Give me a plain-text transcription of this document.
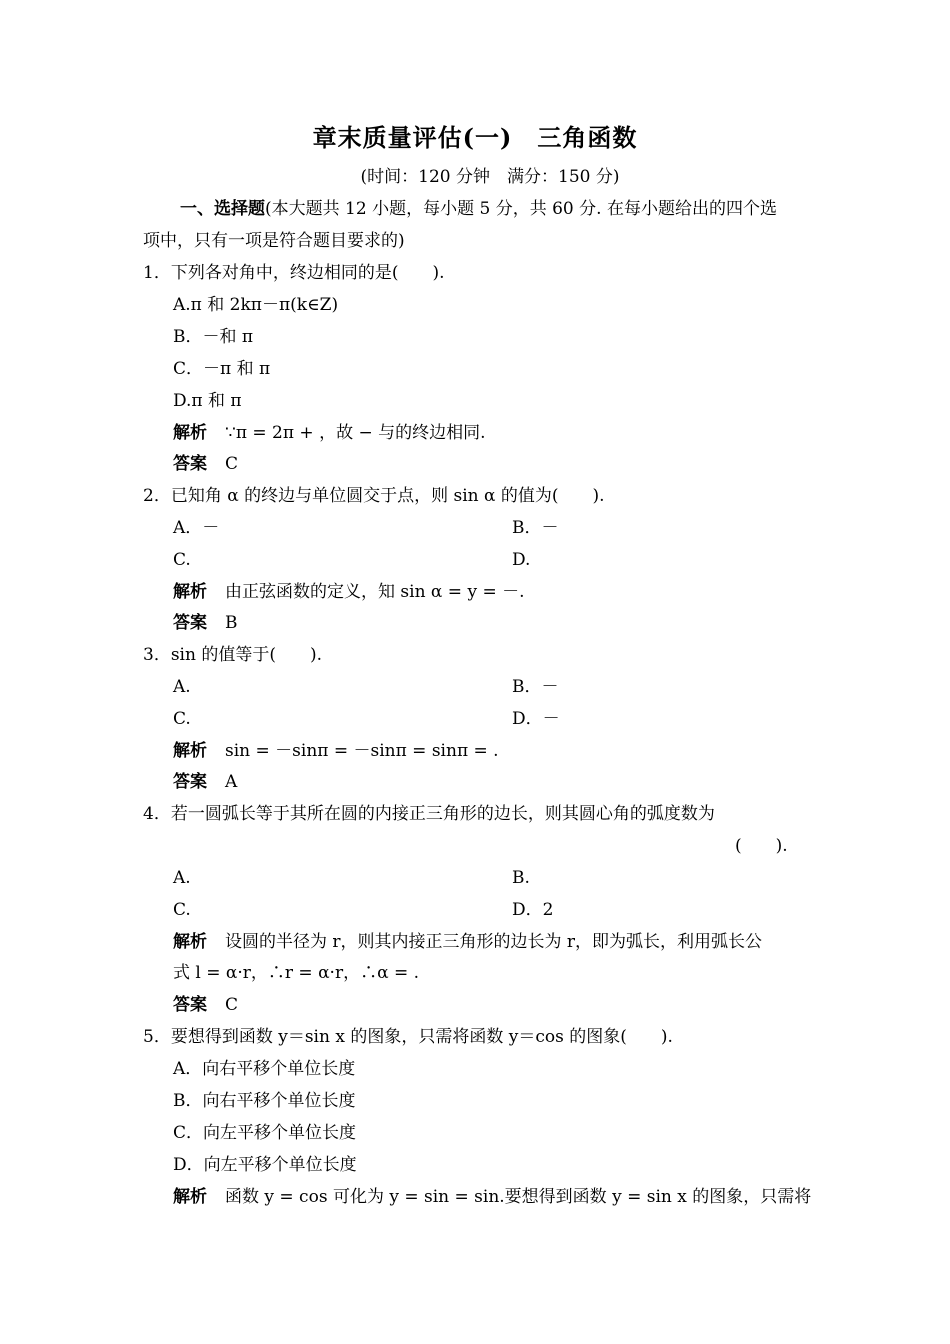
章末质量评估(一)　三角函数
(时间：120 分钟　满分：150 分)
一、选择题(本大题共 12 小题，每小题 5 分，共 60 分. 在每小题给出的四个选
项中，只有一项是符合题目要求的)
1．下列各对角中，终边相同的是(　　).
A.π 和 2kπ－π(k∈Z)
B．－和 π
C．－π 和 π
D.π 和 π
解析 ∵π = 2π + ，故 − 与的终边相同.
答案 C
2．已知角 α 的终边与单位圆交于点，则 sin α 的值为(　　).
A．－	B．－
C.	D.
解析 由正弦函数的定义，知 sin α = y = －.
答案 B
3．sin 的值等于(　　).
A.	B．－
C.	D．－
解析 sin = －sinπ = －sinπ = sinπ = .
答案 A
4．若一圆弧长等于其所在圆的内接正三角形的边长，则其圆心角的弧度数为
(　　).
A.	B.
C.	D．2
解析 设圆的半径为 r，则其内接正三角形的边长为 r，即为弧长，利用弧长公
式 l = α·r，∴r = α·r，∴α = .
答案 C
5．要想得到函数 y＝sin x 的图象，只需将函数 y＝cos 的图象(　　).
A．向右平移个单位长度
B．向右平移个单位长度
C．向左平移个单位长度
D．向左平移个单位长度
解析 函数 y = cos 可化为 y = sin = sin.要想得到函数 y = sin x 的图象，只需将
